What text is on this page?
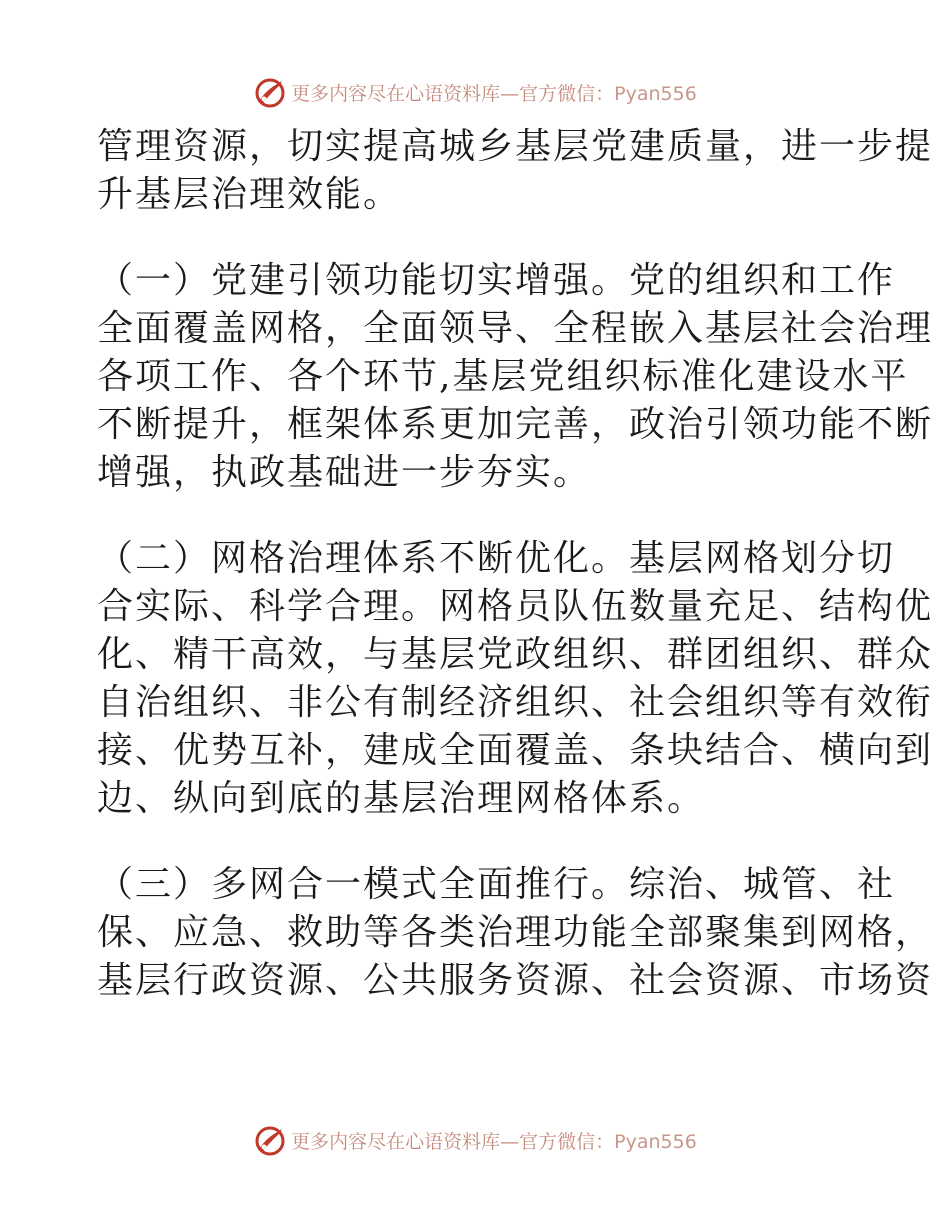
更多内容尽在心语资料库—官方微信：Pyan556
管理资源，切实提高城乡基层党建质量，进一步提
升基层治理效能。
（一）党建引领功能切实增强。党的组织和工作
全面覆盖网格，全面领导、全程嵌入基层社会治理
各项工作、各个环节,基层党组织标准化建设水平
不断提升，框架体系更加完善，政治引领功能不断
增强，执政基础进一步夯实。
（二）网格治理体系不断优化。基层网格划分切
合实际、科学合理。网格员队伍数量充足、结构优
化、精干高效，与基层党政组织、群团组织、群众
自治组织、非公有制经济组织、社会组织等有效衔
接、优势互补，建成全面覆盖、条块结合、横向到
边、纵向到底的基层治理网格体系。
（三）多网合一模式全面推行。综治、城管、社
保、应急、救助等各类治理功能全部聚集到网格，
基层行政资源、公共服务资源、社会资源、市场资
更多内容尽在心语资料库—官方微信：Pyan556
